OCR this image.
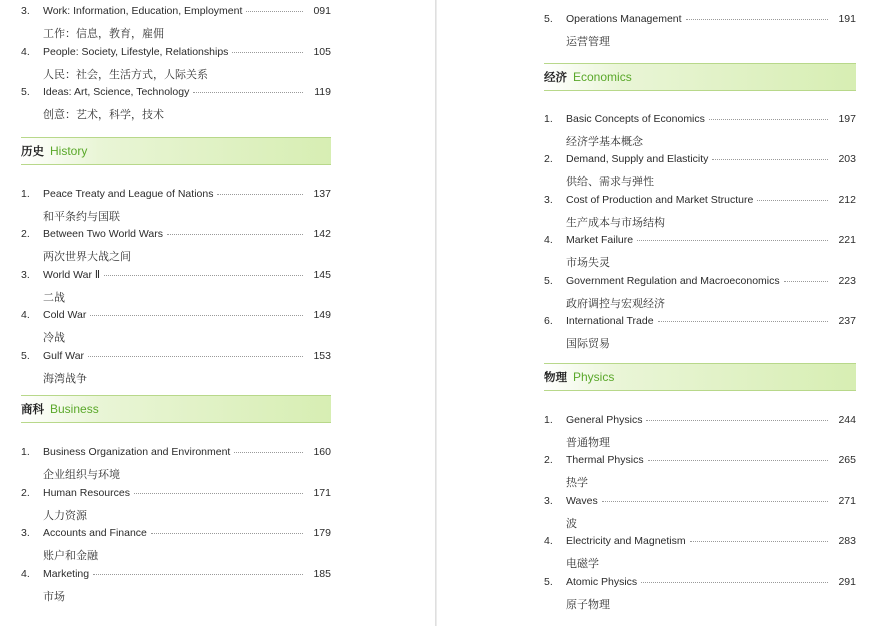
3.	Work: Information, Education, Employment	091
工作：信息，教育，雇佣
4.	People: Society, Lifestyle, Relationships	105
人民：社会，生活方式，人际关系
5.	Ideas: Art, Science, Technology	119
创意：艺术，科学，技术
历史 History
1.	Peace Treaty and League of Nations	137
和平条约与国联
2.	Between Two World Wars	142
两次世界大战之间
3.	World War Ⅱ	145
二战
4.	Cold War	149
冷战
5.	Gulf War	153
海湾战争
商科 Business
1.	Business Organization and Environment	160
企业组织与环境
2.	Human Resources	171
人力资源
3.	Accounts and Finance	179
账户和金融
4.	Marketing	185
市场
5.	Operations Management	191
运营管理
经济 Economics
1.	Basic Concepts of Economics	197
经济学基本概念
2.	Demand, Supply and Elasticity	203
供给、需求与弹性
3.	Cost of Production and Market Structure	212
生产成本与市场结构
4.	Market Failure	221
市场失灵
5.	Government Regulation and Macroeconomics	223
政府调控与宏观经济
6.	International Trade	237
国际贸易
物理 Physics
1.	General Physics	244
普通物理
2.	Thermal Physics	265
热学
3.	Waves	271
波
4.	Electricity and Magnetism	283
电磁学
5.	Atomic Physics	291
原子物理
